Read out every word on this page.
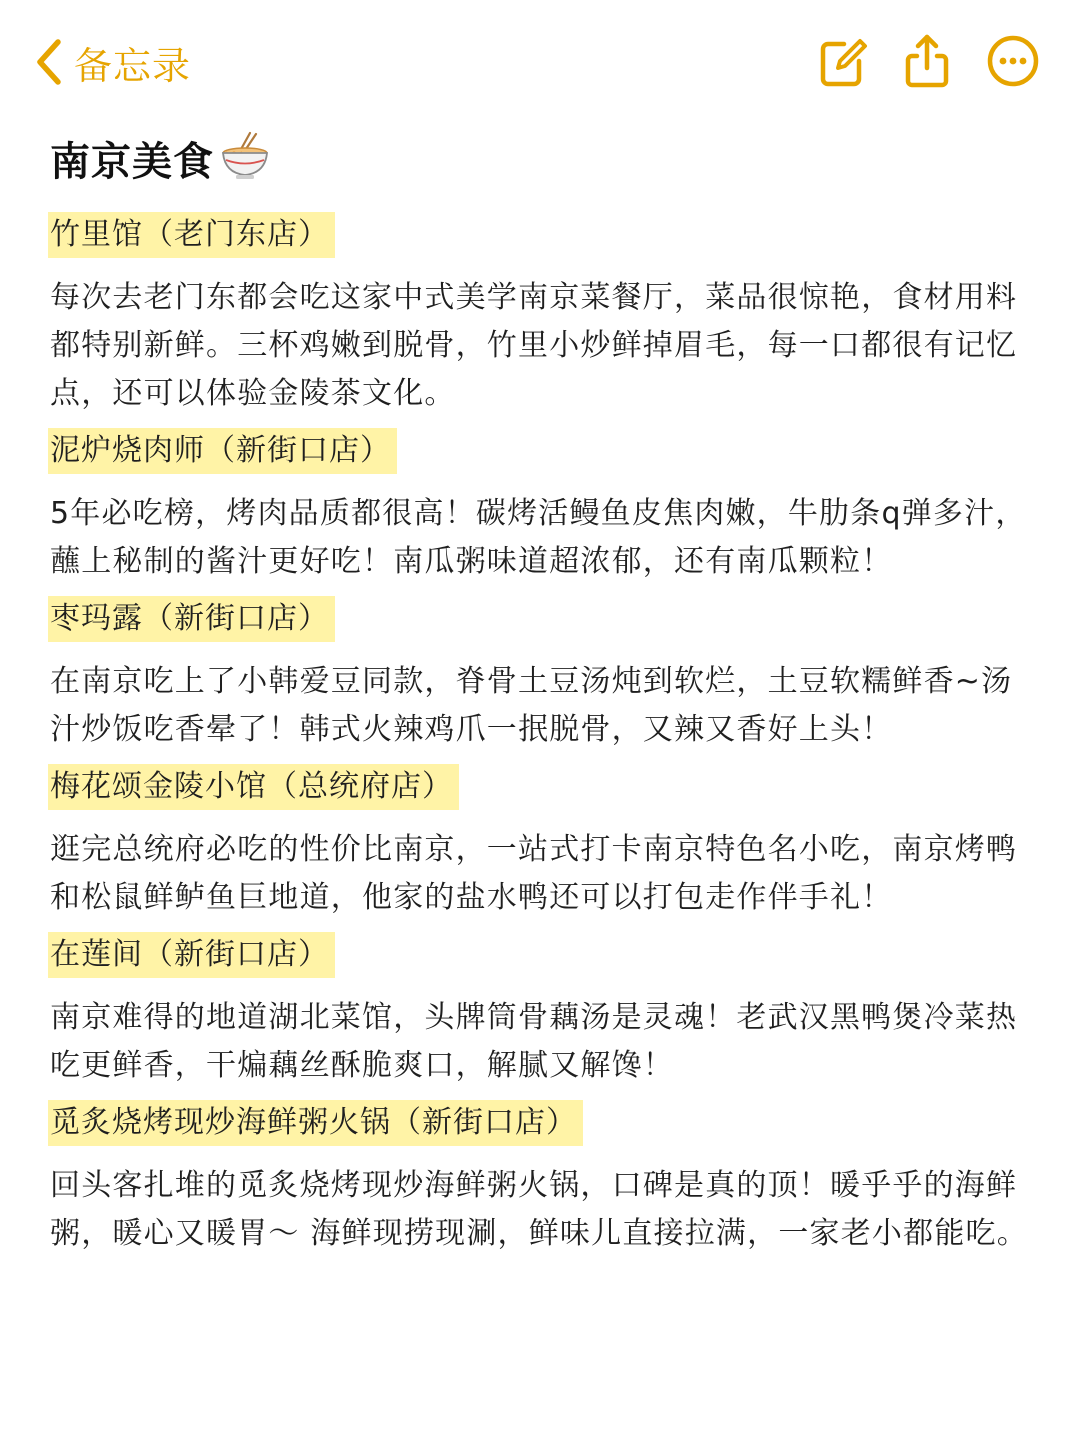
备忘录
南京美食
竹里馆（老门东店）
每次去老门东都会吃这家中式美学南京菜餐厅，菜品很惊艳，食材用料都特别新鲜。三杯鸡嫩到脱骨，竹里小炒鲜掉眉毛，每一口都很有记忆点，还可以体验金陵茶文化。
泥炉烧肉师（新街口店）
5年必吃榜，烤肉品质都很高！碳烤活鳗鱼皮焦肉嫩，牛肋条q弹多汁，蘸上秘制的酱汁更好吃！南瓜粥味道超浓郁，还有南瓜颗粒！
枣玛露（新街口店）
在南京吃上了小韩爱豆同款，脊骨土豆汤炖到软烂，土豆软糯鲜香~汤汁炒饭吃香晕了！韩式火辣鸡爪一抿脱骨，又辣又香好上头！
梅花颂金陵小馆（总统府店）
逛完总统府必吃的性价比南京，一站式打卡南京特色名小吃，南京烤鸭和松鼠鲜鲈鱼巨地道，他家的盐水鸭还可以打包走作伴手礼！
在莲间（新街口店）
南京难得的地道湖北菜馆，头牌筒骨藕汤是灵魂！老武汉黑鸭煲冷菜热吃更鲜香，干煸藕丝酥脆爽口，解腻又解馋！
觅炙烧烤现炒海鲜粥火锅（新街口店）
回头客扎堆的觅炙烧烤现炒海鲜粥火锅，口碑是真的顶！暖乎乎的海鲜粥，暖心又暖胃～ 海鲜现捞现涮，鲜味儿直接拉满，一家老小都能吃。
